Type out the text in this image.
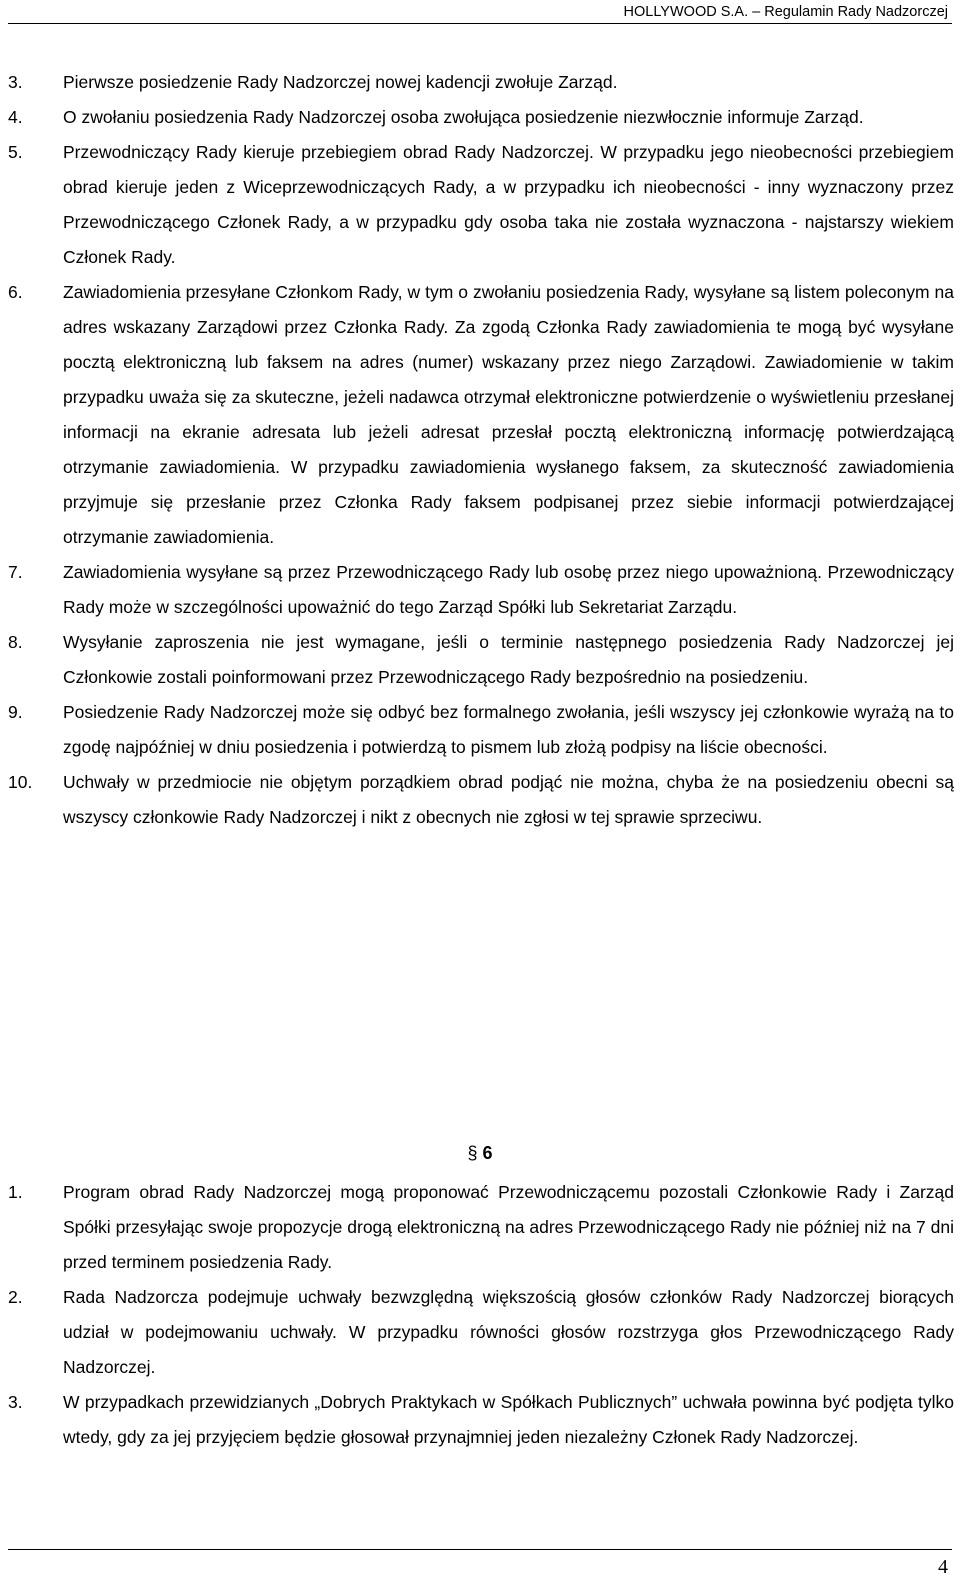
HOLLYWOOD S.A. – Regulamin Rady Nadzorczej
3.	Pierwsze posiedzenie Rady Nadzorczej nowej kadencji zwołuje Zarząd.
4.	O zwołaniu posiedzenia Rady Nadzorczej osoba zwołująca posiedzenie niezwłocznie informuje Zarząd.
5.	Przewodniczący Rady kieruje przebiegiem obrad Rady Nadzorczej. W przypadku jego nieobecności przebiegiem obrad kieruje jeden z Wiceprzewodniczących Rady, a w przypadku ich nieobecności - inny wyznaczony przez Przewodniczącego Członek Rady, a w przypadku gdy osoba taka nie została wyznaczona - najstarszy wiekiem Członek Rady.
6.	Zawiadomienia przesyłane Członkom Rady, w tym o zwołaniu posiedzenia Rady, wysyłane są listem poleconym na adres wskazany Zarządowi przez Członka Rady. Za zgodą Członka Rady zawiadomienia te mogą być wysyłane pocztą elektroniczną lub faksem na adres (numer) wskazany przez niego Zarządowi. Zawiadomienie w takim przypadku uważa się za skuteczne, jeżeli nadawca otrzymał elektroniczne potwierdzenie o wyświetleniu przesłanej informacji na ekranie adresata lub jeżeli adresat przesłał pocztą elektroniczną informację potwierdzającą otrzymanie zawiadomienia. W przypadku zawiadomienia wysłanego faksem, za skuteczność zawiadomienia przyjmuje się przesłanie przez Członka Rady faksem podpisanej przez siebie informacji potwierdzającej otrzymanie zawiadomienia.
7.	Zawiadomienia wysyłane są przez Przewodniczącego Rady lub osobę przez niego upoważnioną. Przewodniczący Rady może w szczególności upoważnić do tego Zarząd Spółki lub Sekretariat Zarządu.
8.	Wysyłanie zaproszenia nie jest wymagane, jeśli o terminie następnego posiedzenia Rady Nadzorczej jej Członkowie zostali poinformowani przez Przewodniczącego Rady bezpośrednio na posiedzeniu.
9.	Posiedzenie Rady Nadzorczej może się odbyć bez formalnego zwołania, jeśli wszyscy jej członkowie wyrażą na to zgodę najpóźniej w dniu posiedzenia i potwierdzą to pismem lub złożą podpisy na liście obecności.
10.	Uchwały w przedmiocie nie objętym porządkiem obrad podjąć nie można, chyba że na posiedzeniu obecni są wszyscy członkowie Rady Nadzorczej i nikt z obecnych nie zgłosi w tej sprawie sprzeciwu.
§ 6
1.	Program obrad Rady Nadzorczej mogą proponować Przewodniczącemu pozostali Członkowie Rady i Zarząd Spółki przesyłając swoje propozycje drogą elektroniczną na adres Przewodniczącego Rady nie później niż na 7 dni przed terminem posiedzenia Rady.
2.	Rada Nadzorcza podejmuje uchwały bezwzględną większością głosów członków Rady Nadzorczej biorących udział w podejmowaniu uchwały. W przypadku równości głosów rozstrzyga głos Przewodniczącego Rady Nadzorczej.
3.	W przypadkach przewidzianych „Dobrych Praktykach w Spółkach Publicznych” uchwała powinna być podjęta tylko wtedy, gdy za jej przyjęciem będzie głosował przynajmniej jeden niezależny Członek Rady Nadzorczej.
4
